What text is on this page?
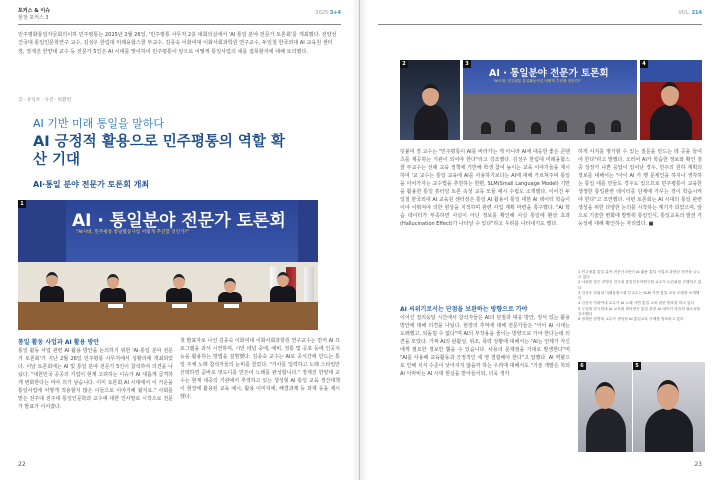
포커스 & 이슈
현장 포커스 3
2025 3+4

민주평화통일자문회의이하 민주평통는 2025년 2월 26일, '민주평통 사무처 2층 대회의실에서 'AI 통일 분야 전문가 토론회'를 개최했다. 전양선 건국대 통일인문학연구 교수, 김성우 한림대 미래융합스쿨 부교수, 김종숙 이화여대 이화사회과학원 연구교수, 두일철 한국외대 AI 교육원 센터장, 정재진 한양대 교수 등 전문가 5인은 AI 시대를 맞이하여 민주평통이 앞으로 어떻게 통일사업의 새를 접목할지에 대해 토의했다.

글 · 유덕쏘 · 사진 · 한환빈
AI 기반 미래 통일을 말하다
AI 긍정적 활용으로 민주평통의 역할 확산 기대
AI·통일 분야 전문가 토론회 개최
1
AI · 통일분야 전문가 토론회
"AI시대, 민주평통 통일활동사업 어떻게 추진할 것인가?"
통일 활동 사업과 AI 활용 방안

통일 활동 사업 관련 AI 활용 방안을 논의하기 위한 'AI·통일 분야 전문가 토론회'가 지난 2월 26일 민주평통 사무처에서 성황리에 개최되었다. 이날 토론회에는 AI 및 통일 분야 전문가 5인이 참석하여 의견을 나눴다. "대한민국 공공의 기업이 현재 고려하는 이슈가 AI 새롭게 급격하게 변화한다는 여야 의가 남습니다. 이미 토론회 AI 시대에서 이 가운을 통일사업에 어떻게 적용할지 많은 이들으로 이야기해 왔지요." 사회를 맡은 전주대 전주대 통일인문학과 교수에 대한 인사말로 시작으로 전문가 발표가 이어졌다.

첫 발표자로 나선 김종숙 이화여대 이화사회과학원 연구교수는 먼저 AI 프로그램을 과서 시연하며, 시만 테넘 중에, 예비, 정통 및 공포 등에 인공지능을 활용하는 방법을 설명했다. 김종숙 교수는 AI로 공식간에 만드는 통일 주체 노래 참석자들의 눈비를 끌었다. "가사를 입력하고 노래 스타일만 선택하면 곧바로 멋도디를 만든어 노래를 완성합니다." 정재진 한양대 교수는 현재 대중의 기관에서 추적하고 있는 생성형 AI 통일 교육 생산대책이 현장에 활용된 교육 예시, 활용 이미지에, 해결과제 등 과제 등을 제시했다.

22
VOL. 214
2	3
AI · 통일분야 전문가 토론회
"AI시대, 민주평통 통일활동사업 어떻게 추진할 것인가?"
4

덧붙여 정 교수는 "민주평통이 AI를 바라가는 게 아니라 AI에 대응한 좋은 콘텐츠를 제공하는 기관이 되어야 한다"라고 강조했다. 김성우 한림대 미래융합스쿨 부교수는 선례 교육 정책에 기반해 학생 참여 높이는 교육 이야기들을 제시하여 '교 교수는 통일 교육에 AI를 사용하기보다는 AI에 대해 가르쳐주며 통일을 이어가자는 교수법을 추천하는 한편, SLM(Small Language Model) 기반을 활용한 통일 튜터링 토론 속성 교육 모듈 예시 수립도 소개했다. 이어진 두 일철 한국외대 AI 교육원 센터장은 통일 AI 활용이 통일 대한 AI 데이터 학습이 이야 이뤄져야 의한 현상을 지적하며 관련 사업 계획 마련을 촉구했다. "AI 학습 데이터가 부족하면 사실이 아닌 정보를 확인해 사실 통일에 환상 효과(Hallucination Effect)가 나타날 수 있다"라고 우려를 나타내기도 했다.

AI 씨위기로서는 단점을 보완하는 방향으로 가야

이어진 질의응답 시간에서 참석자들은 AI의 단점과 대응 방안, 정서 있는 활용방안에 대해 의견을 나눴다. 현장의 추억에 대해 전문가들은 "아이 AI 시대는 도래했고, 되돌릴 수 없다"며 AI의 부작용을 줄이는 방향으로 가야 한다는데 의견을 모았다. 가짜 AI의 판활성, 위조, 폭력 상황에 대해서는 "AI는 언제가 자신에게 필요한 정보만 뽑을 수 있습니다. 사용의 문제점을 기대로 발생한다"며 "AI를 사용해 교육활동과 긍정적인 세 영 결합해야 한다"고 답했다. AI 역할으로 인해 지식 수준이 낮아지지 않을까 하는 우려에 대해서도 "기술 개발은 하되 AI 이마비는 AI 시대 현실을 받아들이되, 더욱 생각

하게 사지를 명가할 수 있는 질문을 만드는 데 공을 들여야 한다"라고 말했다. 오러어 AI가 학습한 정보와 확인 검증 성장가 나쁜 응답이 일어난 경우, 민주의 원하 계획의 정보를 대해서는 "아이 AI 가 행 문제인을 하지나 생각하는 통일 대를 만들도 경우도 있으므로 민주평통이 교육한 생생한 통일관련 데이터를 단계에 가꾸는 것이 학습시켜야 한다"고 조언했다. 이번 토론회는 AI 시대의 통일 관련 생성을 위한 다양한 논의를 시작하는 계기가 되었으며, 앞으로 기술한 변화에 발맞춰 통일인식, 통일교육의 발전 가능성에 대해 확인하는 자리였다. ■

1 민주평통 통일 분야 전문가 5인이 AI 활용 통일 사업과 관련한 의견을 나누고 있다
2 사회를 맡은 전영선 건국대 통일인문학연구원 교수가 토론회를 진행하고 있다
3 김성우 한림대 미래융합스쿨 부교수는 SLM 기반 통일 교육 모델을 소개했다
4 김종숙 이화여대 교수가 AI 노래 시연 통일 교육 관련 발표를 하고 있다
5 두일철 한국외대 AI 교육원 센터장은 통일 관련 AI 데이터 학습의 필요성을 강조했다
6 정재진 한양대 교수가 생성형 AI 통일교육 사례를 발표하고 있다
6	5
23
